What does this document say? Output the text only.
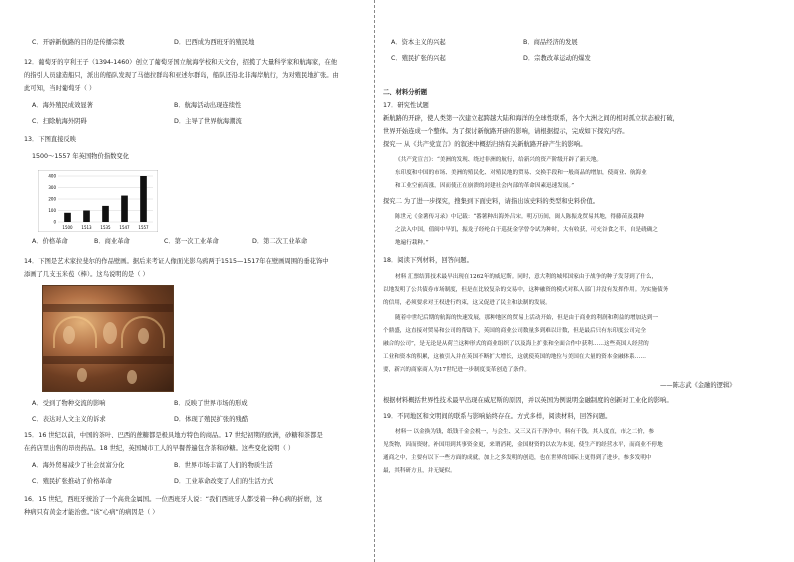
C．开辟新航路的目的是传播宗教	D．巴西成为西班牙的殖民地
12．葡萄牙的亨利王子（1394-1460）创立了葡萄牙国立航海学校和天文台，招揽了大量科学家和航海家，在他
的指引人员建造船只，派出的船队发现了马德拉群岛和亚述尔群岛，船队还沿北非海岸航行，为对殖民地扩张。由
此可知，当时葡萄牙（ ）
A．海外殖民成效显著	B．航海活动出现连续性
C．扫除航海外阴碍	D．主导了世界航海潮流
13．下图直接反映
1500～1557 年英国物价指数变化
0
100
200
300
400
1500 1513 1535 1547 1557
A．价格革命	B．商业革命	C．第一次工业革命	D．第二次工业革命
14．下图是艺术家拉斐尔的作品壁画。据后来考证人像面光影乌鸦两于1515—1517年在壁画周围的垂花饰中
添画了几支玉米苞（棒）。这鸟说明的是（ ）
A．受到了物种交流的影响	B．反映了世界市场的形成
C．表达对人文主义的诉求	D．体现了殖民扩张的残酷
15．16 世纪以前，中国的茶叶、巴西的蔗糖都是极具地方特色的商品。17 世纪初期的欧洲，砂糖和茶都是
在药店里出售的昂贵药品。18 世纪，英国城市工人的早餐普遍包含茶和砂糖。这些变化说明（ ）
A．海外贸易减少了社会贫富分化	B．世界市场丰富了人们的物质生活
C．殖民扩张推动了价格革命	D．工业革命改变了人们的生活方式
16．15 世纪，西班牙统治了一个高贵金属国。一位西班牙人说：“我们西班牙人都受着一种心病的折磨，这
种病只有黄金才能治愈。”该“心病”的病因是（ ）
A．资本主义的兴起	B．商品经济的发展
C．殖民扩张的兴起	D．宗教改革运动的爆发
二、材料分析题
17．研究性试题
新航路的开辟，使人类第一次建立起跨越大陆和海洋的全球性联系，各个大洲之间的相对孤立状态被打破，
世界开始连成一个整体。为了探讨新航路开辟的影响，请根据提示，完成如下探究内容。
探究一 从《共产党宣言》的叙述中概括归纳有关新航路开辟产生的影响。
《共产党宣言》：“美洲的发现、绕过非洲的航行，给新兴的资产阶级开辟了新天地。
东印度和中国的市场、美洲的殖民化、对殖民地的贸易、交换手段和一般商品的增加，使商业、航海业
和工业空前高涨，因而使正在崩溃的封建社会内部的革命因素迅速发展。”
探究二 为了进一步探究，搜集到下面史料，请指出该史料的类型和史料价值。
陈世元《金薯传习录》中记载：“番薯种出海外吕宋。明万历间，闽人陈振龙贸易其地，得藤苗及栽种
之法入中国，值闽中旱饥，振龙子经纶白于巡抚金学曾令试为种时，大有收获，可充谷食之半，自是硗确之
地遍行栽种。”
18．阅读下列材料，回答问题。
材料 汇票结算技术最早出现在1262年的威尼斯。同时，意大利的城邦国家由于战争的种子发芽到了什么，
以地发明了公共债券市场制度，但是在比较复杂的交易中，这种融资的模式对私人部门并没有发挥作用。为实施债务
的信用，必须要求对王权进行约束，这又促进了民主和法制的发展。
随着中世纪后期的航海的快速发展，那种地区的贸易上活动开始，但是由于商业的利润和利益的增加达到一
个鼎盛，这直接对贸易和公司的帮助下，英国的商业公司数量多到难以计数，但是最后只有东印度公司完全
融合的公司”，是无论是从荷兰这种形式的商业组织了以及海上扩张和全面合作中获利……这些英国人经营的
工业和资本的积累，这被引入并在英国不断扩大增长，这就使英国的地位与美国在大量的资本金融体系……
要，新兴的商家商人为17世纪进一步制度变革创造了条件。
——陈志武《金融的逻辑》
根据材料概括世界性技术最早出现在威尼斯的原因，并以英国为例说明金融制度的创新对工业化的影响。
19．不同地区和文明间的联系与影响始终存在。方式多样，阅读材料，回答问题。
材料一 以金换为钱，纸钱千金会税一，与会生、又三又百千净净中。料有千钱，其人度直，市之二价，参
见货物，因而资财。补国用到其事资金更，来谓消耗，金国财资的以农为本更，使生产的经营水平，而商业不停地
通商之中，主要有以下一些方面的成就，加上之多发明的创造，也在世界的国际上更得到了进步，参多发明中
最，其科研方且，并无疑似。
